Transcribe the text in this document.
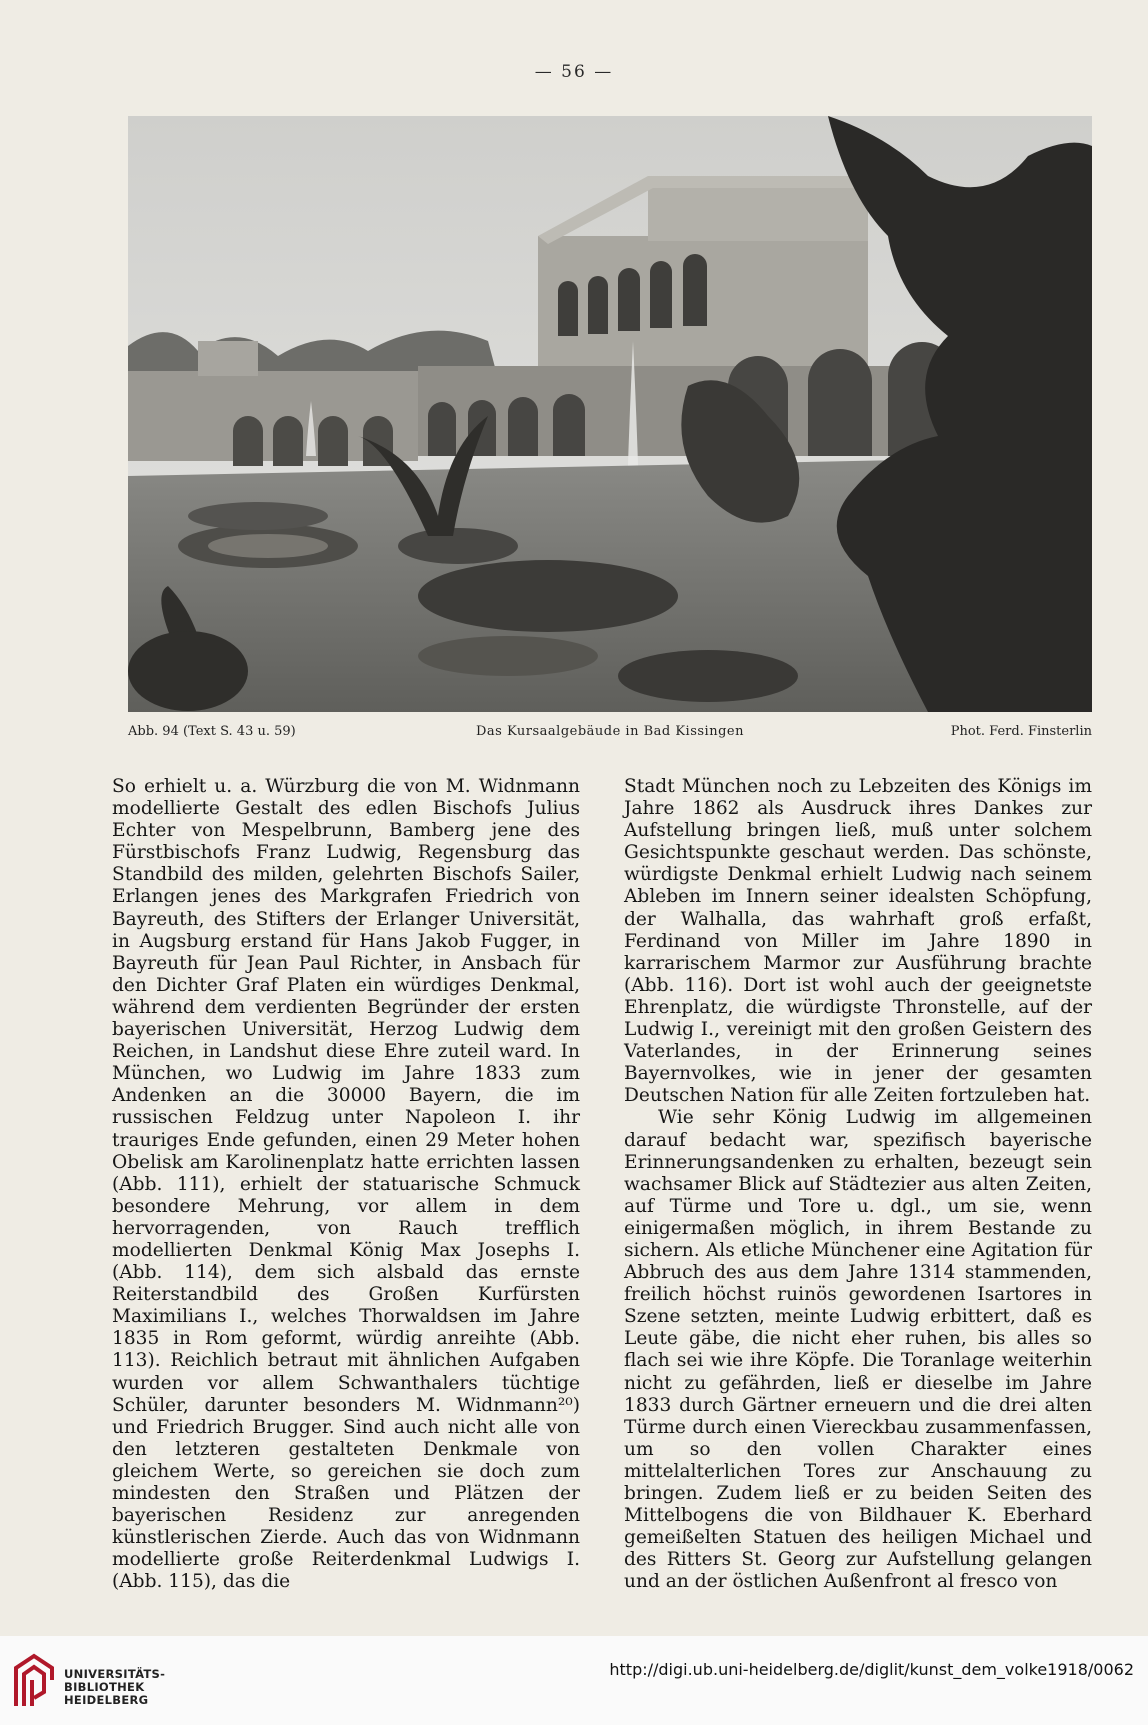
— 56 —
Abb. 94 (Text S. 43 u. 59)	Das Kursaalgebäude in Bad Kissingen	Phot. Ferd. Finsterlin

So erhielt u. a. Würzburg die von M. Widnmann modellierte Gestalt des edlen Bischofs Julius Echter von Mespelbrunn, Bamberg jene des Fürstbischofs Franz Ludwig, Regensburg das Standbild des milden, gelehrten Bischofs Sailer, Erlangen jenes des Markgrafen Friedrich von Bayreuth, des Stifters der Erlanger Universität, in Augsburg erstand für Hans Jakob Fugger, in Bayreuth für Jean Paul Richter, in Ansbach für den Dichter Graf Platen ein würdiges Denkmal, während dem verdienten Begründer der ersten bayerischen Universität, Herzog Ludwig dem Reichen, in Landshut diese Ehre zuteil ward. In München, wo Ludwig im Jahre 1833 zum Andenken an die 30000 Bayern, die im russischen Feldzug unter Napoleon I. ihr trauriges Ende gefunden, einen 29 Meter hohen Obelisk am Karolinenplatz hatte errichten lassen (Abb. 111), erhielt der statuarische Schmuck besondere Mehrung, vor allem in dem hervorragenden, von Rauch trefflich modellierten Denkmal König Max Josephs I. (Abb. 114), dem sich alsbald das ernste Reiterstandbild des Großen Kurfürsten Maximilians I., welches Thorwaldsen im Jahre 1835 in Rom geformt, würdig anreihte (Abb. 113). Reichlich betraut mit ähnlichen Aufgaben wurden vor allem Schwanthalers tüchtige Schüler, darunter besonders M. Widnmann²⁰) und Friedrich Brugger. Sind auch nicht alle von den letzteren gestalteten Denkmale von gleichem Werte, so gereichen sie doch zum mindesten den Straßen und Plätzen der bayerischen Residenz zur anregenden künstlerischen Zierde. Auch das von Widnmann modellierte große Reiterdenkmal Ludwigs I. (Abb. 115), das die

Stadt München noch zu Lebzeiten des Königs im Jahre 1862 als Ausdruck ihres Dankes zur Aufstellung bringen ließ, muß unter solchem Gesichtspunkte geschaut werden. Das schönste, würdigste Denkmal erhielt Ludwig nach seinem Ableben im Innern seiner idealsten Schöpfung, der Walhalla, das wahrhaft groß erfaßt, Ferdinand von Miller im Jahre 1890 in karrarischem Marmor zur Ausführung brachte (Abb. 116). Dort ist wohl auch der geeignetste Ehrenplatz, die würdigste Thronstelle, auf der Ludwig I., vereinigt mit den großen Geistern des Vaterlandes, in der Erinnerung seines Bayernvolkes, wie in jener der gesamten Deutschen Nation für alle Zeiten fortzuleben hat.

Wie sehr König Ludwig im allgemeinen darauf bedacht war, spezifisch bayerische Erinnerungsandenken zu erhalten, bezeugt sein wachsamer Blick auf Städtezier aus alten Zeiten, auf Türme und Tore u. dgl., um sie, wenn einigermaßen möglich, in ihrem Bestande zu sichern. Als etliche Münchener eine Agitation für Abbruch des aus dem Jahre 1314 stammenden, freilich höchst ruinös gewordenen Isartores in Szene setzten, meinte Ludwig erbittert, daß es Leute gäbe, die nicht eher ruhen, bis alles so flach sei wie ihre Köpfe. Die Toranlage weiterhin nicht zu gefährden, ließ er dieselbe im Jahre 1833 durch Gärtner erneuern und die drei alten Türme durch einen Viereckbau zusammenfassen, um so den vollen Charakter eines mittelalterlichen Tores zur Anschauung zu bringen. Zudem ließ er zu beiden Seiten des Mittelbogens die von Bildhauer K. Eberhard gemeißelten Statuen des heiligen Michael und des Ritters St. Georg zur Aufstellung gelangen und an der östlichen Außenfront al fresco von

UNIVERSITÄTS-
BIBLIOTHEK
HEIDELBERG
http://digi.ub.uni-heidelberg.de/diglit/kunst_dem_volke1918/0062
